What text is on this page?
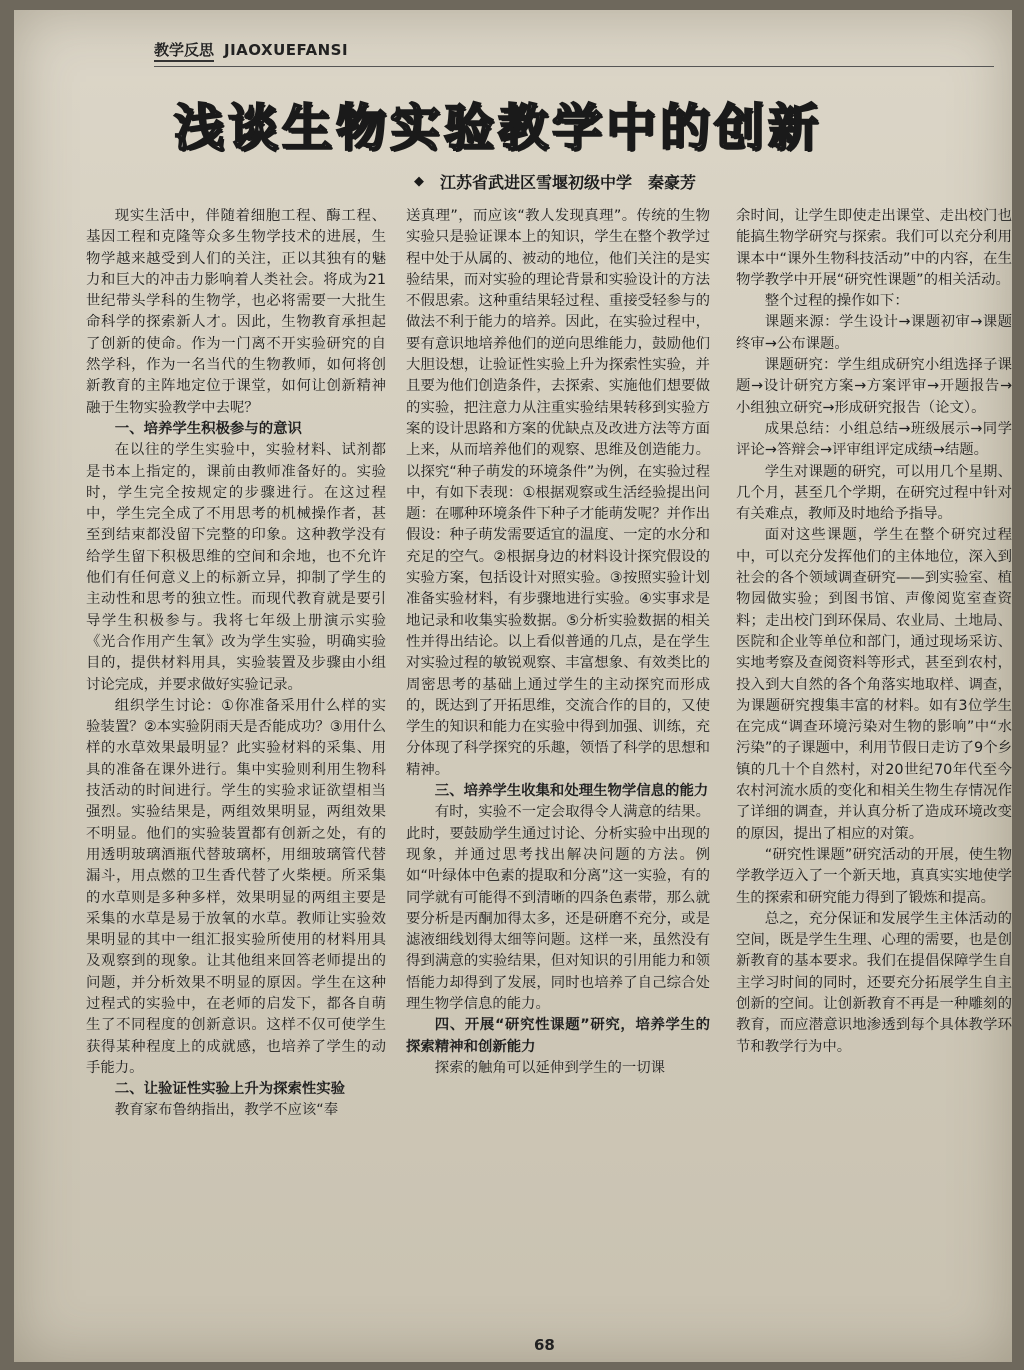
教学反思 JIAOXUEFANSI
浅谈生物实验教学中的创新
◆ 江苏省武进区雪堰初级中学 秦豪芳

现实生活中，伴随着细胞工程、酶工程、基因工程和克隆等众多生物学技术的进展，生物学越来越受到人们的关注，正以其独有的魅力和巨大的冲击力影响着人类社会。将成为21世纪带头学科的生物学，也必将需要一大批生命科学的探索新人才。因此，生物教育承担起了创新的使命。作为一门离不开实验研究的自然学科，作为一名当代的生物教师，如何将创新教育的主阵地定位于课堂，如何让创新精神融于生物实验教学中去呢？

一、培养学生积极参与的意识

在以往的学生实验中，实验材料、试剂都是书本上指定的，课前由教师准备好的。实验时，学生完全按规定的步骤进行。在这过程中，学生完全成了不用思考的机械操作者，甚至到结束都没留下完整的印象。这种教学没有给学生留下积极思维的空间和余地，也不允许他们有任何意义上的标新立异，抑制了学生的主动性和思考的独立性。而现代教育就是要引导学生积极参与。我将七年级上册演示实验《光合作用产生氧》改为学生实验，明确实验目的，提供材料用具，实验装置及步骤由小组讨论完成，并要求做好实验记录。

组织学生讨论：①你准备采用什么样的实验装置？②本实验阴雨天是否能成功？③用什么样的水草效果最明显？此实验材料的采集、用具的准备在课外进行。集中实验则利用生物科技活动的时间进行。学生的实验求证欲望相当强烈。实验结果是，两组效果明显，两组效果不明显。他们的实验装置都有创新之处，有的用透明玻璃酒瓶代替玻璃杯，用细玻璃管代替漏斗，用点燃的卫生香代替了火柴梗。所采集的水草则是多种多样，效果明显的两组主要是采集的水草是易于放氧的水草。教师让实验效果明显的其中一组汇报实验所使用的材料用具及观察到的现象。让其他组来回答老师提出的问题，并分析效果不明显的原因。学生在这种过程式的实验中，在老师的启发下，都各自萌生了不同程度的创新意识。这样不仅可使学生获得某种程度上的成就感，也培养了学生的动手能力。

二、让验证性实验上升为探索性实验

教育家布鲁纳指出，教学不应该“奉

送真理”，而应该“教人发现真理”。传统的生物实验只是验证课本上的知识，学生在整个教学过程中处于从属的、被动的地位，他们关注的是实验结果，而对实验的理论背景和实验设计的方法不假思索。这种重结果轻过程、重接受轻参与的做法不利于能力的培养。因此，在实验过程中，要有意识地培养他们的逆向思维能力，鼓励他们大胆设想，让验证性实验上升为探索性实验，并且要为他们创造条件，去探索、实施他们想要做的实验，把注意力从注重实验结果转移到实验方案的设计思路和方案的优缺点及改进方法等方面上来，从而培养他们的观察、思维及创造能力。以探究“种子萌发的环境条件”为例，在实验过程中，有如下表现：①根据观察或生活经验提出问题：在哪种环境条件下种子才能萌发呢？并作出假设：种子萌发需要适宜的温度、一定的水分和充足的空气。②根据身边的材料设计探究假设的实验方案，包括设计对照实验。③按照实验计划准备实验材料，有步骤地进行实验。④实事求是地记录和收集实验数据。⑤分析实验数据的相关性并得出结论。以上看似普通的几点，是在学生对实验过程的敏锐观察、丰富想象、有效类比的周密思考的基础上通过学生的主动探究而形成的，既达到了开拓思维，交流合作的目的，又使学生的知识和能力在实验中得到加强、训练，充分体现了科学探究的乐趣，领悟了科学的思想和精神。

三、培养学生收集和处理生物学信息的能力

有时，实验不一定会取得令人满意的结果。此时，要鼓励学生通过讨论、分析实验中出现的现象，并通过思考找出解决问题的方法。例如“叶绿体中色素的提取和分离”这一实验，有的同学就有可能得不到清晰的四条色素带，那么就要分析是丙酮加得太多，还是研磨不充分，或是滤液细线划得太细等问题。这样一来，虽然没有得到满意的实验结果，但对知识的引用能力和领悟能力却得到了发展，同时也培养了自己综合处理生物学信息的能力。

四、开展“研究性课题”研究，培养学生的探索精神和创新能力

探索的触角可以延伸到学生的一切课

余时间，让学生即使走出课堂、走出校门也能搞生物学研究与探索。我们可以充分利用课本中“课外生物科技活动”中的内容，在生物学教学中开展“研究性课题”的相关活动。

整个过程的操作如下：

课题来源：学生设计→课题初审→课题终审→公布课题。

课题研究：学生组成研究小组选择子课题→设计研究方案→方案评审→开题报告→小组独立研究→形成研究报告（论文）。

成果总结：小组总结→班级展示→同学评论→答辩会→评审组评定成绩→结题。

学生对课题的研究，可以用几个星期、几个月，甚至几个学期，在研究过程中针对有关难点，教师及时地给予指导。

面对这些课题，学生在整个研究过程中，可以充分发挥他们的主体地位，深入到社会的各个领域调查研究——到实验室、植物园做实验；到图书馆、声像阅览室查资料；走出校门到环保局、农业局、土地局、医院和企业等单位和部门，通过现场采访、实地考察及查阅资料等形式，甚至到农村，投入到大自然的各个角落实地取样、调查，为课题研究搜集丰富的材料。如有3位学生在完成“调查环境污染对生物的影响”中“水污染”的子课题中，利用节假日走访了9个乡镇的几十个自然村，对20世纪70年代至今农村河流水质的变化和相关生物生存情况作了详细的调查，并认真分析了造成环境改变的原因，提出了相应的对策。

“研究性课题”研究活动的开展，使生物学教学迈入了一个新天地，真真实实地使学生的探索和研究能力得到了锻炼和提高。

总之，充分保证和发展学生主体活动的空间，既是学生生理、心理的需要，也是创新教育的基本要求。我们在提倡保障学生自主学习时间的同时，还要充分拓展学生自主创新的空间。让创新教育不再是一种雕刻的教育，而应潜意识地渗透到每个具体教学环节和教学行为中。

68
